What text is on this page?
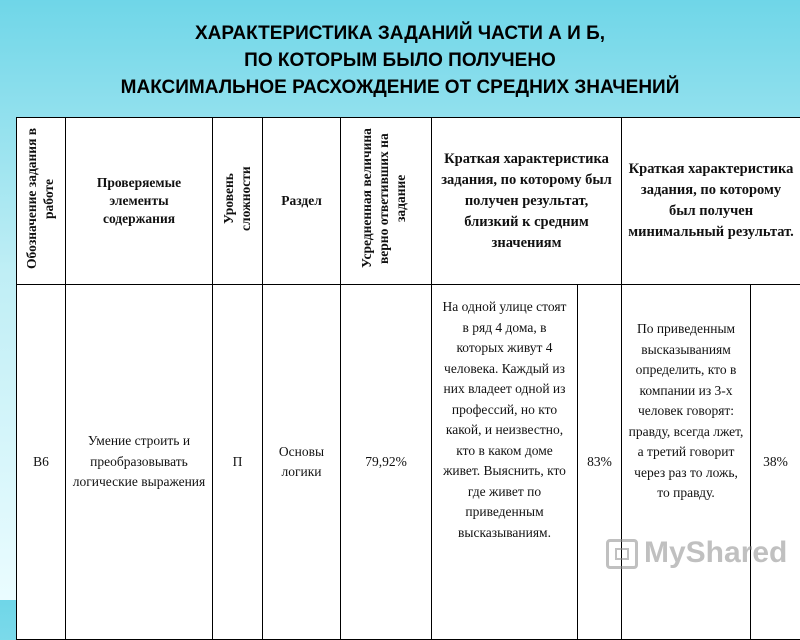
ХАРАКТЕРИСТИКА ЗАДАНИЙ ЧАСТИ А И Б,
ПО КОТОРЫМ БЫЛО ПОЛУЧЕНО
МАКСИМАЛЬНОЕ РАСХОЖДЕНИЕ ОТ СРЕДНИХ ЗНАЧЕНИЙ
Обозначение задания в работе	Проверяемые элементы содержания	Уровень сложности	Раздел	Усредненная величина верно ответивших на задание	Краткая характеристика задания, по которому был получен результат, близкий к средним значениям		Краткая характеристика задания, по которому был получен минимальный результат.	
В6	Умение строить и преобразовывать логические выражения	П	Основы логики	79,92%	На одной улице стоят в ряд 4 дома, в которых живут 4 человека. Каждый из них владеет одной из профессий, но кто какой, и неизвестно, кто в каком доме живет. Выяснить, кто где живет по приведенным высказываниям.	83%	По приведенным высказываниям определить, кто в компании из 3-х человек говорят: правду, всегда лжет, а третий говорит через раз то ложь, то правду.	38%
MyShared
